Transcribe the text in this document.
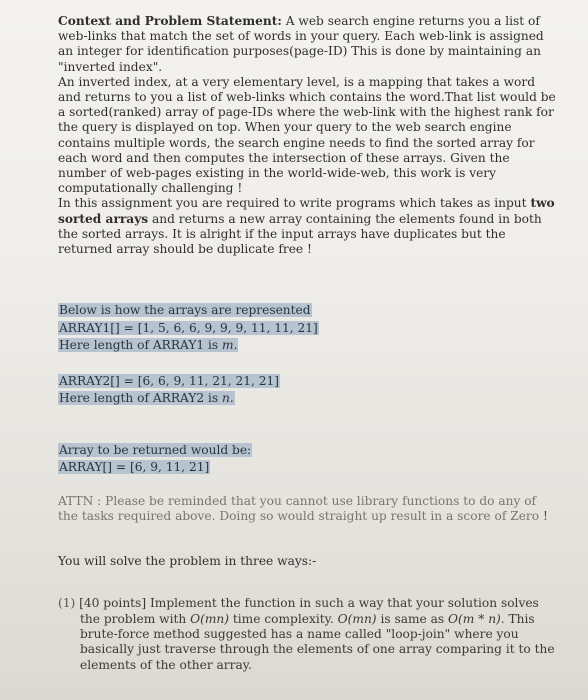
Context and Problem Statement: A web search engine returns you a list of web-links that match the set of words in your query. Each web-link is assigned an integer for identification purposes(page-ID) This is done by maintaining an "inverted index".

An inverted index, at a very elementary level, is a mapping that takes a word and returns to you a list of web-links which contains the word.That list would be a sorted(ranked) array of page-IDs where the web-link with the highest rank for the query is displayed on top. When your query to the web search engine contains multiple words, the search engine needs to find the sorted array for each word and then computes the intersection of these arrays. Given the number of web-pages existing in the world-wide-web, this work is very computationally challenging !

In this assignment you are required to write programs which takes as input two sorted arrays and returns a new array containing the elements found in both the sorted arrays. It is alright if the input arrays have duplicates but the returned array should be duplicate free !

Below is how the arrays are represented

ARRAY1[] = [1, 5, 6, 6, 9, 9, 9, 11, 11, 21]

Here length of ARRAY1 is m.

ARRAY2[] = [6, 6, 9, 11, 21, 21, 21]

Here length of ARRAY2 is n.

Array to be returned would be:

ARRAY[] = [6, 9, 11, 21]

ATTN : Please be reminded that you cannot use library functions to do any of the tasks required above. Doing so would straight up result in a score of Zero !

You will solve the problem in three ways:-

(1) [40 points] Implement the function in such a way that your solution solves the problem with O(mn) time complexity. O(mn) is same as O(m * n). This brute-force method suggested has a name called "loop-join" where you basically just traverse through the elements of one array comparing it to the elements of the other array.
